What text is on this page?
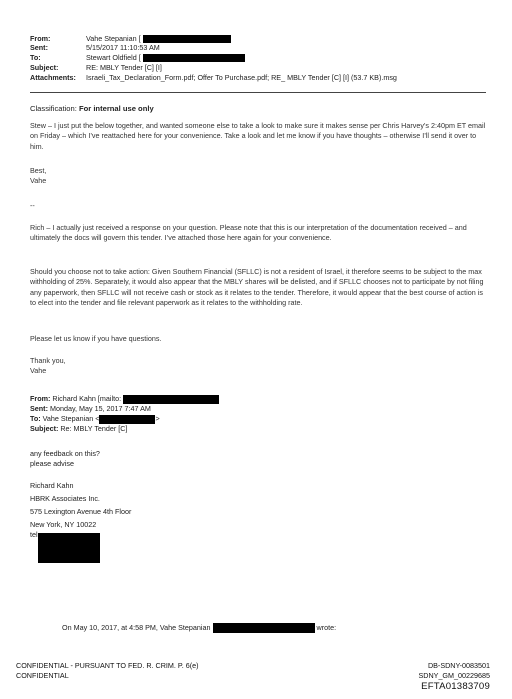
From:	Vahe Stepanian [
Sent:	5/15/2017 11:10:53 AM
To:	Stewart Oldfield [
Subject:	RE: MBLY Tender [C] [I]
Attachments: Israeli_Tax_Declaration_Form.pdf; Offer To Purchase.pdf; RE_ MBLY Tender [C] [I] (53.7 KB).msg
Classification: For internal use only
Stew – I just put the below together, and wanted someone else to take a look to make sure it makes sense per Chris Harvey’s 2:40pm ET email on Friday – which I’ve reattached here for your convenience. Take a look and let me know if you have thoughts – otherwise I’ll send it over to him.
Best,
Vahe
--
Rich – I actually just received a response on your question. Please note that this is our interpretation of the documentation received – and ultimately the docs will govern this tender. I’ve attached those here again for your convenience.
Should you choose not to take action: Given Southern Financial (SFLLC) is not a resident of Israel, it therefore seems to be subject to the max withholding of 25%. Separately, it would also appear that the MBLY shares will be delisted, and if SFLLC chooses not to participate by not filing any paperwork, then SFLLC will not receive cash or stock as it relates to the tender. Therefore, it would appear that the best course of action is to elect into the tender and file relevant paperwork as it relates to the withholding rate.
Please let us know if you have questions.
Thank you,
Vahe
From: Richard Kahn [mailto:
Sent: Monday, May 15, 2017 7:47 AM
To: Vahe Stepanian <	>
Subject: Re: MBLY Tender [C]
any feedback on this?
please advise
Richard Kahn
HBRK Associates Inc.
575 Lexington Avenue 4th Floor
New York, NY 10022
tel
On May 10, 2017, at 4:58 PM, Vahe Stepanian	wrote:
CONFIDENTIAL - PURSUANT TO FED. R. CRIM. P. 6(e)
CONFIDENTIAL
DB-SDNY-0083501
SDNY_GM_00229685
EFTA01383709
